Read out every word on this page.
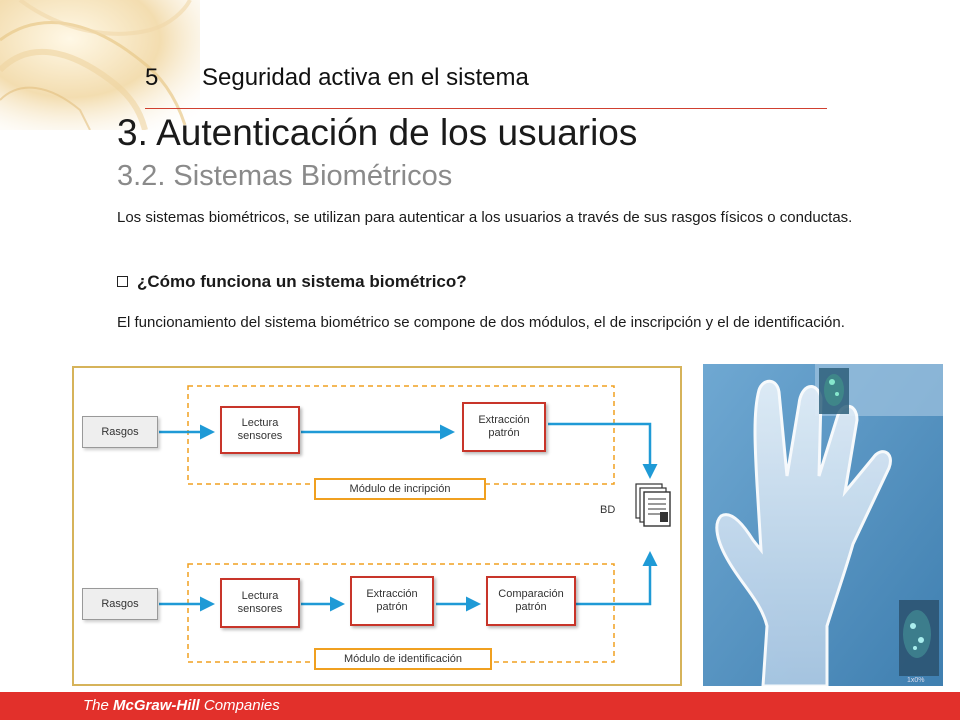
5 Seguridad activa en el sistema
3. Autenticación de los usuarios
3.2. Sistemas Biométricos

Los sistemas biométricos, se utilizan para autenticar a los usuarios a través de sus rasgos físicos o conductas.

¿Cómo funciona un sistema biométrico?

El funcionamiento del sistema biométrico se compone de dos módulos, el de inscripción y el de identificación.

Rasgos
Lectura
sensores
Extracción
patrón
Módulo de incripción
BD
Rasgos
Lectura
sensores
Extracción
patrón
Comparación
patrón
Módulo de identificación
1x0%
The McGraw-Hill Companies
